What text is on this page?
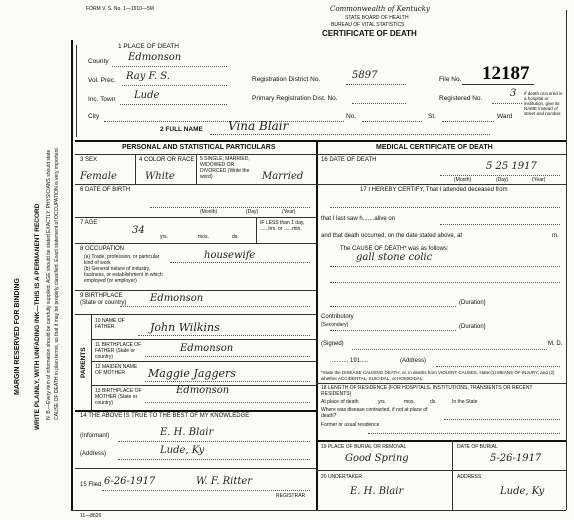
MARGIN RESERVED FOR BINDING WRITE PLAINLY, WITH UNFADING INK—THIS IS A PERMANENT RECORD N. B.—Every item of information should be carefully supplied. AGE should be stated EXACTLY. PHYSICIANS should state CAUSE OF DEATH in plain terms, so that it may be properly classified. Exact statement of OCCUPATION is very important.
FORM V. S. No. 1—1910—5M	Commonwealth of Kentucky
STATE BOARD OF HEALTH
BUREAU OF VITAL STATISTICS
CERTIFICATE OF DEATH
1 PLACE OF DEATH
County Edmonson
Vol. Prec. Ray F. S.
Inc. Town Lude
City	No.	St.	Ward
Registration District No.	5897
Primary Registration Dist. No.
File No. 12187
Registered No.	3 If death occurred in a hospital or institution, give its NAME instead of street and number.
2 FULL NAME Vina Blair
PERSONAL AND STATISTICAL PARTICULARS	MEDICAL CERTIFICATE OF DEATH
3 SEX
Female
4 COLOR OR RACE
White
5 SINGLE, MARRIED, WIDOWED OR DIVORCED (Write the word)	Married
6 DATE OF BIRTH
(Month)	(Day)	(Year)
7 AGE
34
yrs.	mos.	ds.
IF LESS than 1 day, ......hrs. or ......min.
8 OCCUPATION
(a) Trade, profession, or particular kind of work
(b) General nature of industry, business, or establishment in which employed (or employer)
housewife
9 BIRTHPLACE (State or country)	Edmonson
PARENTS
10 NAME OF FATHER	John Wilkins
11 BIRTHPLACE OF FATHER (State or country)
Edmonson
12 MAIDEN NAME OF MOTHER	Maggie Jaggers
13 BIRTHPLACE OF MOTHER (State or country)
Edmonson
14 THE ABOVE IS TRUE TO THE BEST OF MY KNOWLEDGE
(Informant)	E. H. Blair
(Address)	Lude, Ky
15 Filed 6-26-1917	W. F. Ritter
REGISTRAR
16 DATE OF DEATH
5 25 1917
(Month)	(Day)	(Year)
17 I HEREBY CERTIFY, That I attended deceased from
that I last saw h.......alive on
and that death occurred, on the date stated above, at	m.
The CAUSE OF DEATH* was as follows:
gall stone colic
(Duration)
Contributory
(Secondary)	(Duration)
(Signed)	M. D.
.........., 191.....	(Address)
*State the DISEASE CAUSING DEATH, or, in deaths from VIOLENT CAUSES, state (1) MEANS OF INJURY; and (2) whether ACCIDENTAL, SUICIDAL, or HOMICIDAL.
18 LENGTH OF RESIDENCE (FOR HOSPITALS, INSTITUTIONS, TRANSIENTS OR RECENT RESIDENTS)
At place of death	yrs.	mos.	ds.	In the State
Where was disease contracted, if not at place of death?
Former or usual residence
19 PLACE OF BURIAL OR REMOVAL	DATE OF BURIAL
Good Spring	5-26-1917
20 UNDERTAKER	ADDRESS
E. H. Blair	Lude, Ky
11—8626
